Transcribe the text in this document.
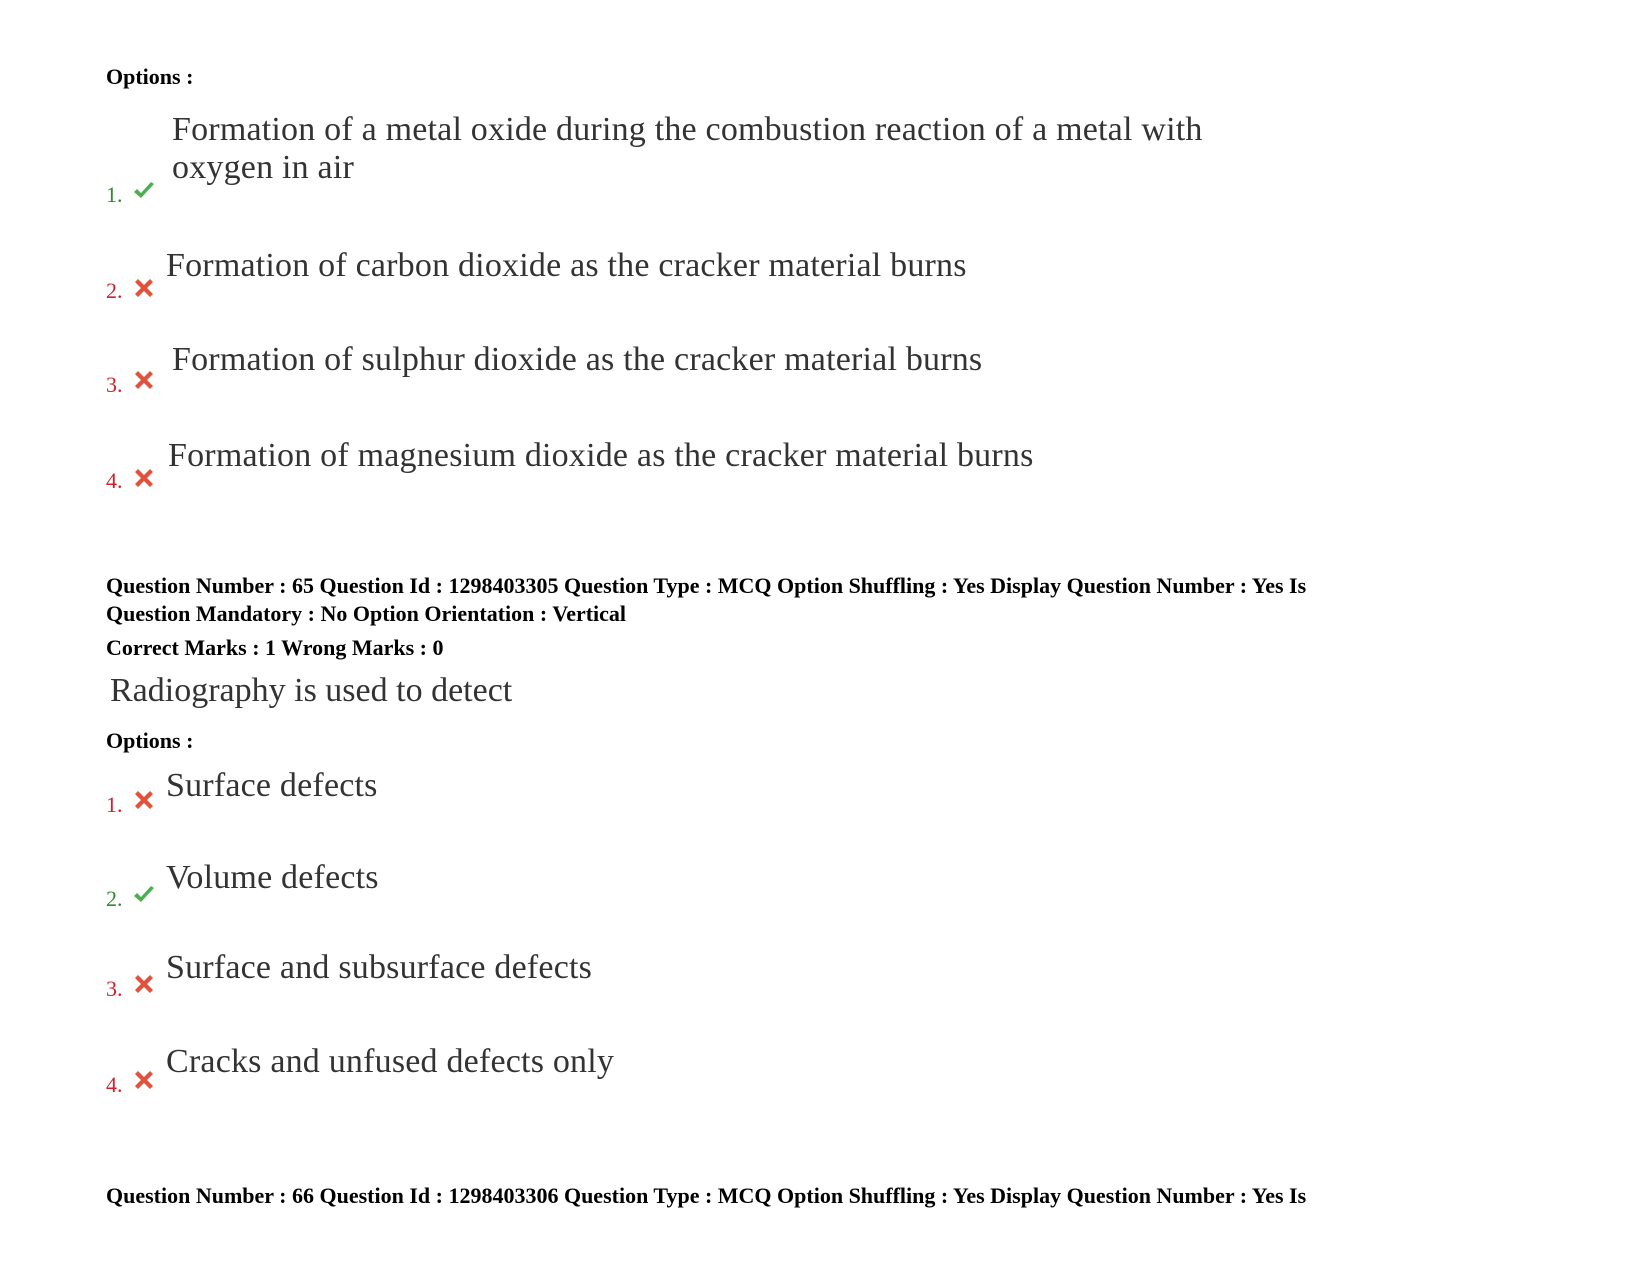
Options :
Formation of a metal oxide during the combustion reaction of a metal with
oxygen in air
1.
Formation of carbon dioxide as the cracker material burns
2.
Formation of sulphur dioxide as the cracker material burns
3.
Formation of magnesium dioxide as the cracker material burns
4.
Question Number : 65 Question Id : 1298403305 Question Type : MCQ Option Shuffling : Yes Display Question Number : Yes Is
Question Mandatory : No Option Orientation : Vertical
Correct Marks : 1 Wrong Marks : 0
Radiography is used to detect
Options :
Surface defects
1.
Volume defects
2.
Surface and subsurface defects
3.
Cracks and unfused defects only
4.
Question Number : 66 Question Id : 1298403306 Question Type : MCQ Option Shuffling : Yes Display Question Number : Yes Is
